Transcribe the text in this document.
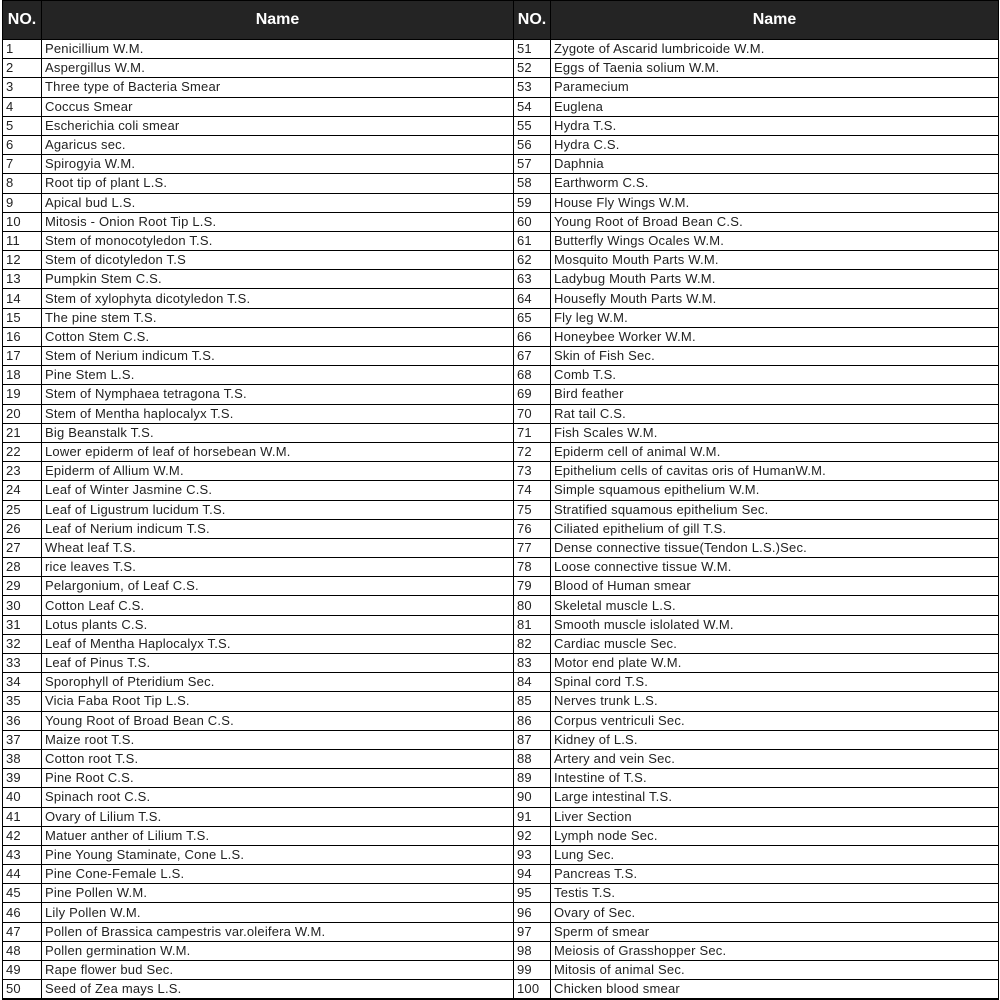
NO.	Name	NO.	Name
1	Penicillium W.M.	51	Zygote of Ascarid lumbricoide W.M.
2	Aspergillus W.M.	52	Eggs of Taenia solium W.M.
3	Three type of Bacteria Smear	53	Paramecium
4	Coccus Smear	54	Euglena
5	Escherichia coli smear	55	Hydra T.S.
6	Agaricus sec.	56	Hydra C.S.
7	Spirogyia W.M.	57	Daphnia
8	Root tip of plant L.S.	58	Earthworm C.S.
9	Apical bud L.S.	59	House Fly Wings W.M.
10	Mitosis - Onion Root Tip L.S.	60	Young Root of Broad Bean C.S.
11	Stem of monocotyledon T.S.	61	Butterfly Wings Ocales W.M.
12	Stem of dicotyledon T.S	62	Mosquito Mouth Parts W.M.
13	Pumpkin Stem C.S.	63	Ladybug Mouth Parts W.M.
14	Stem of xylophyta dicotyledon T.S.	64	Housefly Mouth Parts W.M.
15	The pine stem T.S.	65	Fly leg W.M.
16	Cotton Stem C.S.	66	Honeybee Worker W.M.
17	Stem of Nerium indicum T.S.	67	Skin of Fish Sec.
18	Pine Stem L.S.	68	Comb T.S.
19	Stem of Nymphaea tetragona T.S.	69	Bird feather
20	Stem of Mentha haplocalyx T.S.	70	Rat tail C.S.
21	Big Beanstalk T.S.	71	Fish Scales W.M.
22	Lower epiderm of leaf of horsebean W.M.	72	Epiderm cell of animal W.M.
23	Epiderm of Allium W.M.	73	Epithelium cells of cavitas oris of HumanW.M.
24	Leaf of Winter Jasmine C.S.	74	Simple squamous epithelium W.M.
25	Leaf of Ligustrum lucidum T.S.	75	Stratified squamous epithelium Sec.
26	Leaf of Nerium indicum T.S.	76	Ciliated epithelium of gill T.S.
27	Wheat leaf T.S.	77	Dense connective tissue(Tendon L.S.)Sec.
28	rice leaves T.S.	78	Loose connective tissue W.M.
29	Pelargonium, of Leaf C.S.	79	Blood of Human smear
30	Cotton Leaf C.S.	80	Skeletal muscle L.S.
31	Lotus plants C.S.	81	Smooth muscle islolated W.M.
32	Leaf of Mentha Haplocalyx T.S.	82	Cardiac muscle Sec.
33	Leaf of Pinus T.S.	83	Motor end plate W.M.
34	Sporophyll of Pteridium Sec.	84	Spinal cord T.S.
35	Vicia Faba Root Tip L.S.	85	Nerves trunk L.S.
36	Young Root of Broad Bean C.S.	86	Corpus ventriculi Sec.
37	Maize root T.S.	87	Kidney of L.S.
38	Cotton root T.S.	88	Artery and vein Sec.
39	Pine Root C.S.	89	Intestine of T.S.
40	Spinach root C.S.	90	Large intestinal T.S.
41	Ovary of Lilium T.S.	91	Liver Section
42	Matuer anther of Lilium T.S.	92	Lymph node Sec.
43	Pine Young Staminate, Cone L.S.	93	Lung Sec.
44	Pine Cone-Female L.S.	94	Pancreas T.S.
45	Pine Pollen W.M.	95	Testis T.S.
46	Lily Pollen W.M.	96	Ovary of Sec.
47	Pollen of Brassica campestris var.oleifera W.M.	97	Sperm of smear
48	Pollen germination W.M.	98	Meiosis of Grasshopper Sec.
49	Rape flower bud Sec.	99	Mitosis of animal Sec.
50	Seed of Zea mays L.S.	100	Chicken blood smear
